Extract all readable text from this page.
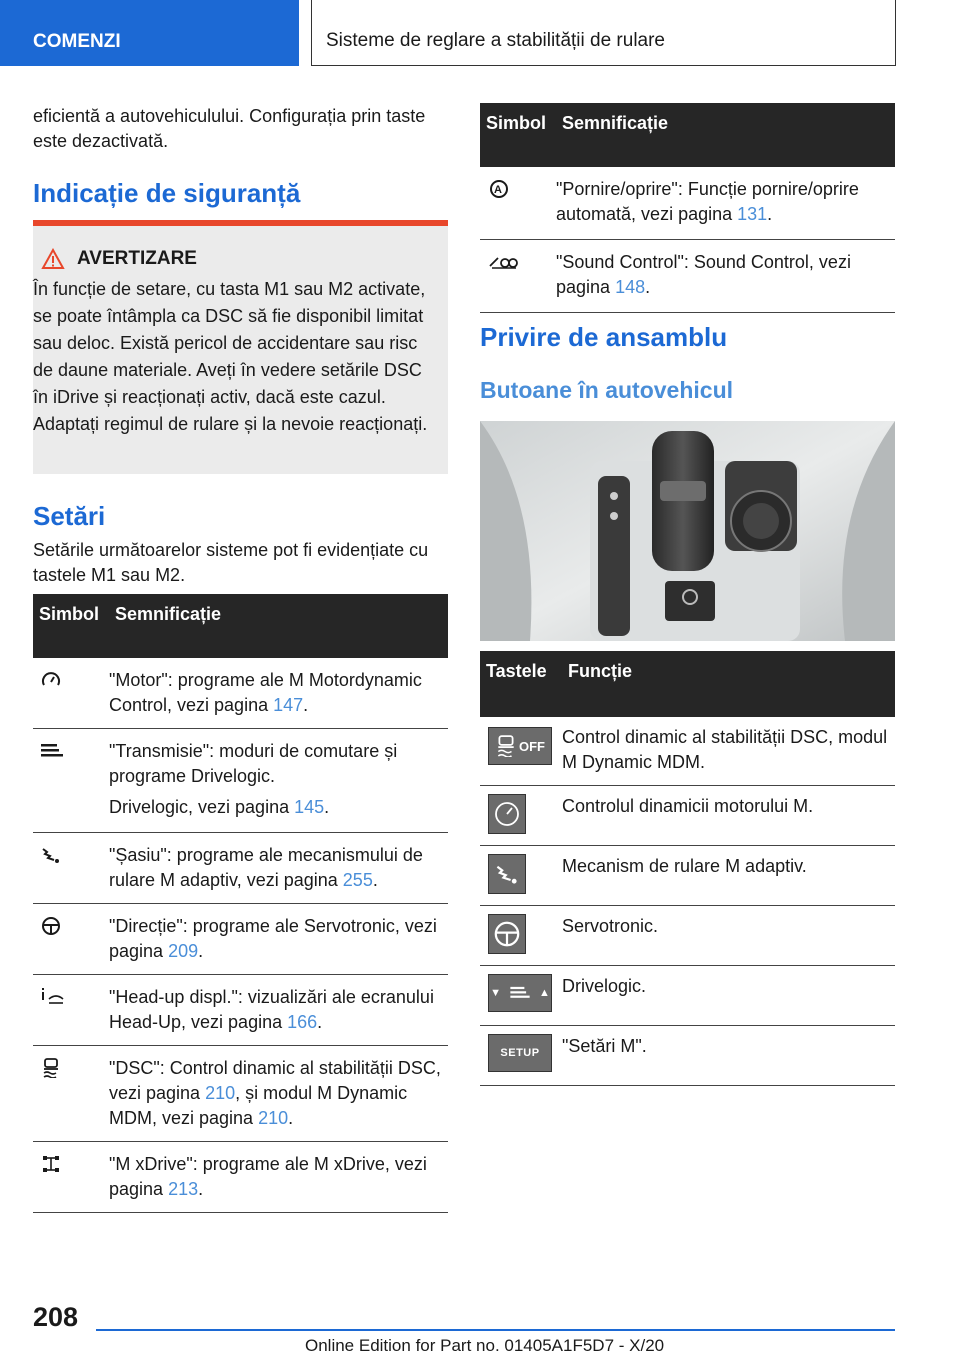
COMENZI	Sisteme de reglare a stabilității de rulare

eficientă a autovehiculului. Configurația prin taste este dezactivată.

Indicație de siguranță
AVERTIZARE

În funcție de setare, cu tasta M1 sau M2 activate, se poate întâmpla ca DSC să fie disponibil limitat sau deloc. Există pericol de accidentare sau risc de daune materiale. Aveți în vedere setările DSC în iDrive și reacționați activ, dacă este cazul. Adaptați regimul de rulare și la nevoie reacționați.

Setări

Setările următoarelor sisteme pot fi evidențiate cu tastele M1 sau M2.

Simbol	Semnificație
	"Motor": programe ale M Motordynamic Control, vezi pagina 147.

"Transmisie": moduri de comutare și programe Drivelogic.
Drivelogic, vezi pagina 145.

	"Șasiu": programe ale mecanismului de rulare M adaptiv, vezi pagina 255.
	"Direcție": programe ale Servotronic, vezi pagina 209.
	"Head-up displ.": vizualizări ale ecranului Head-Up, vezi pagina 166.
	"DSC": Control dinamic al stabilității DSC, vezi pagina 210, și modul M Dynamic MDM, vezi pagina 210.
	"M xDrive": programe ale M xDrive, vezi pagina 213.
Simbol	Semnificație

A	"Pornire/oprire": Funcție pornire/oprire automată, vezi pagina 131.
	"Sound Control": Sound Control, vezi pagina 148.
Privire de ansamblu
Butoane în autovehicul
Tastele	Funcție

OFF	Control dinamic al stabilității DSC, modul M Dynamic MDM.

	Controlul dinamicii motorului M.

	Mecanism de rulare M adaptiv.

	Servotronic.

▼ ▲	Drivelogic.

SETUP	"Setări M".
208
Online Edition for Part no. 01405A1F5D7 - X/20
